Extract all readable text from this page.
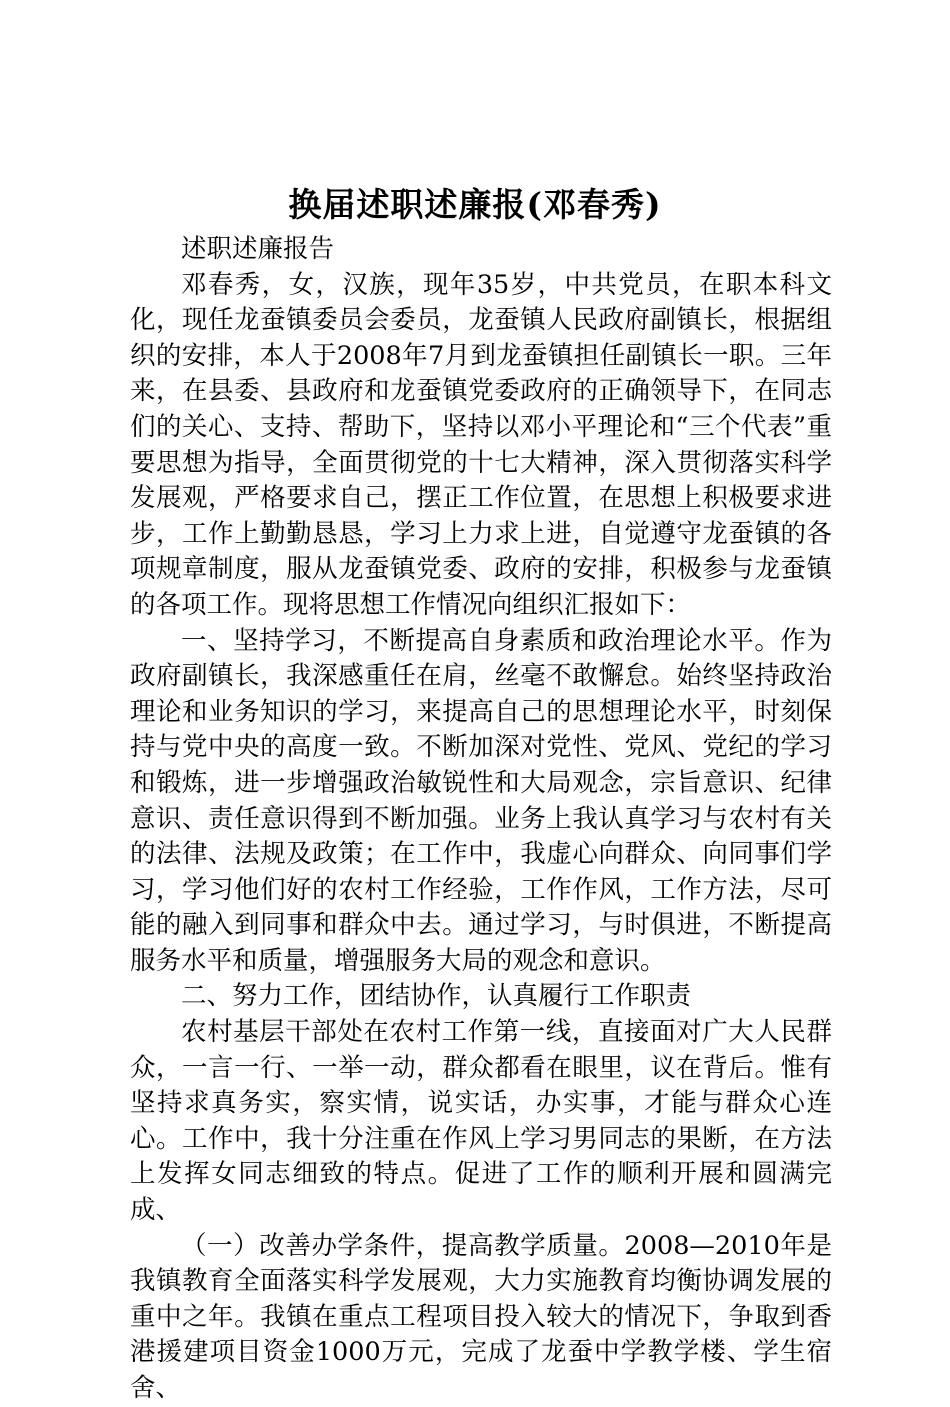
换届述职述廉报(邓春秀)

述职述廉报告

邓春秀，女，汉族，现年35岁，中共党员，在职本科文化，现任龙蚕镇委员会委员，龙蚕镇人民政府副镇长，根据组织的安排，本人于2008年7月到龙蚕镇担任副镇长一职。三年来，在县委、县政府和龙蚕镇党委政府的正确领导下，在同志们的关心、支持、帮助下，坚持以邓小平理论和“三个代表”重要思想为指导，全面贯彻党的十七大精神，深入贯彻落实科学发展观，严格要求自己，摆正工作位置，在思想上积极要求进步，工作上勤勤恳恳，学习上力求上进，自觉遵守龙蚕镇的各项规章制度，服从龙蚕镇党委、政府的安排，积极参与龙蚕镇的各项工作。现将思想工作情况向组织汇报如下：

一、坚持学习，不断提高自身素质和政治理论水平。作为政府副镇长，我深感重任在肩，丝毫不敢懈怠。始终坚持政治理论和业务知识的学习，来提高自己的思想理论水平，时刻保持与党中央的高度一致。不断加深对党性、党风、党纪的学习和锻炼，进一步增强政治敏锐性和大局观念，宗旨意识、纪律意识、责任意识得到不断加强。业务上我认真学习与农村有关的法律、法规及政策；在工作中，我虚心向群众、向同事们学习，学习他们好的农村工作经验，工作作风，工作方法，尽可能的融入到同事和群众中去。通过学习，与时俱进，不断提高服务水平和质量，增强服务大局的观念和意识。

二、努力工作，团结协作，认真履行工作职责

农村基层干部处在农村工作第一线，直接面对广大人民群众，一言一行、一举一动，群众都看在眼里，议在背后。惟有坚持求真务实，察实情，说实话，办实事，才能与群众心连心。工作中，我十分注重在作风上学习男同志的果断，在方法上发挥女同志细致的特点。促进了工作的顺利开展和圆满完成、

（一）改善办学条件，提高教学质量。2008—2010年是我镇教育全面落实科学发展观，大力实施教育均衡协调发展的重中之年。我镇在重点工程项目投入较大的情况下，争取到香港援建项目资金1000万元，完成了龙蚕中学教学楼、学生宿舍、
